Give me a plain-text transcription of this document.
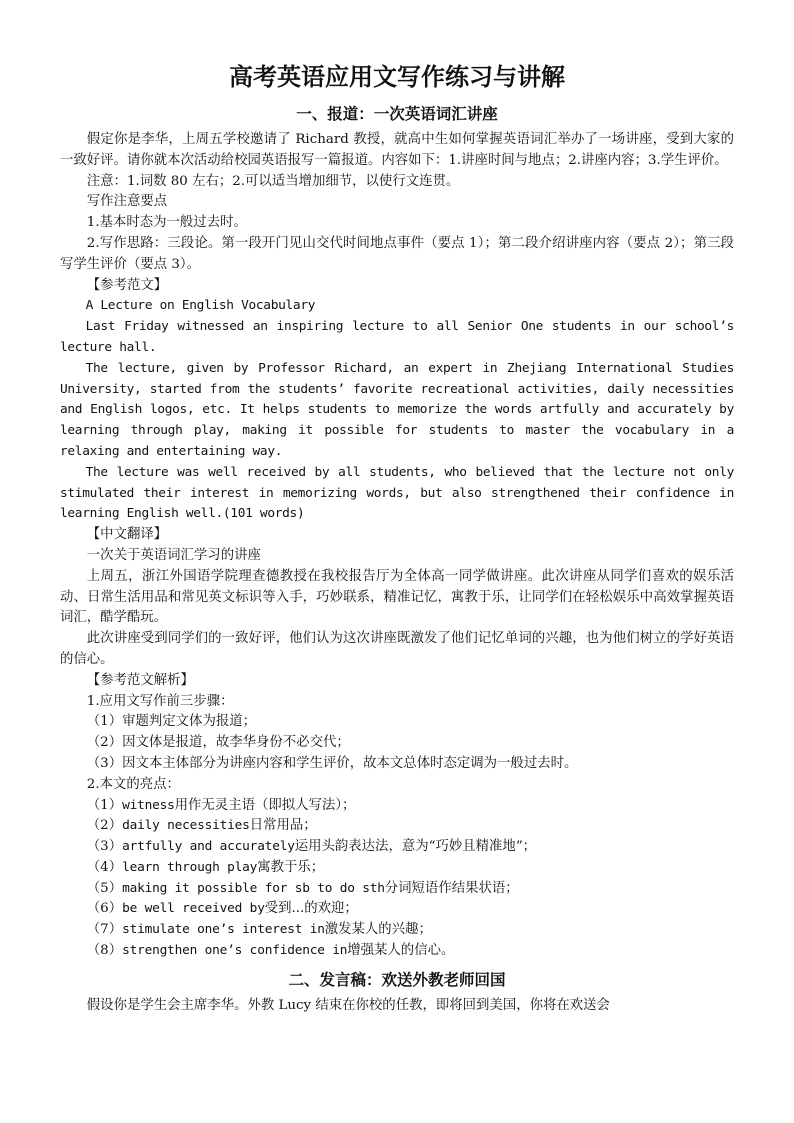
高考英语应用文写作练习与讲解
一、报道：一次英语词汇讲座

假定你是李华，上周五学校邀请了 Richard 教授，就高中生如何掌握英语词汇举办了一场讲座，受到大家的一致好评。请你就本次活动给校园英语报写一篇报道。内容如下：1.讲座时间与地点；2.讲座内容；3.学生评价。

注意：1.词数 80 左右；2.可以适当增加细节，以使行文连贯。

写作注意要点

1.基本时态为一般过去时。

2.写作思路：三段论。第一段开门见山交代时间地点事件（要点 1）；第二段介绍讲座内容（要点 2）；第三段写学生评价（要点 3）。

【参考范文】

A Lecture on English Vocabulary

Last Friday witnessed an inspiring lecture to all Senior One students in our school’s lecture hall.

The lecture, given by Professor Richard, an expert in Zhejiang International Studies University, started from the students’ favorite recreational activities, daily necessities and English logos, etc. It helps students to memorize the words artfully and accurately by learning through play, making it possible for students to master the vocabulary in a relaxing and entertaining way.

The lecture was well received by all students, who believed that the lecture not only stimulated their interest in memorizing words, but also strengthened their confidence in learning English well.(101 words)

【中文翻译】

一次关于英语词汇学习的讲座

上周五，浙江外国语学院理查德教授在我校报告厅为全体高一同学做讲座。此次讲座从同学们喜欢的娱乐活动、日常生活用品和常见英文标识等入手，巧妙联系，精准记忆，寓教于乐，让同学们在轻松娱乐中高效掌握英语词汇，酷学酷玩。

此次讲座受到同学们的一致好评，他们认为这次讲座既激发了他们记忆单词的兴趣，也为他们树立的学好英语的信心。

【参考范文解析】

1.应用文写作前三步骤：

（1）审题判定文体为报道；

（2）因文体是报道，故李华身份不必交代；

（3）因文本主体部分为讲座内容和学生评价，故本文总体时态定调为一般过去时。

2.本文的亮点：

（1）witness用作无灵主语（即拟人写法）；

（2）daily necessities日常用品；

（3）artfully and accurately运用头韵表达法，意为“巧妙且精准地”；

（4）learn through play寓教于乐；

（5）making it possible for sb to do sth分词短语作结果状语；

（6）be well received by受到...的欢迎；

（7）stimulate one’s interest in激发某人的兴趣；

（8）strengthen one’s confidence in增强某人的信心。

二、发言稿：欢送外教老师回国

假设你是学生会主席李华。外教 Lucy 结束在你校的任教，即将回到美国，你将在欢送会
